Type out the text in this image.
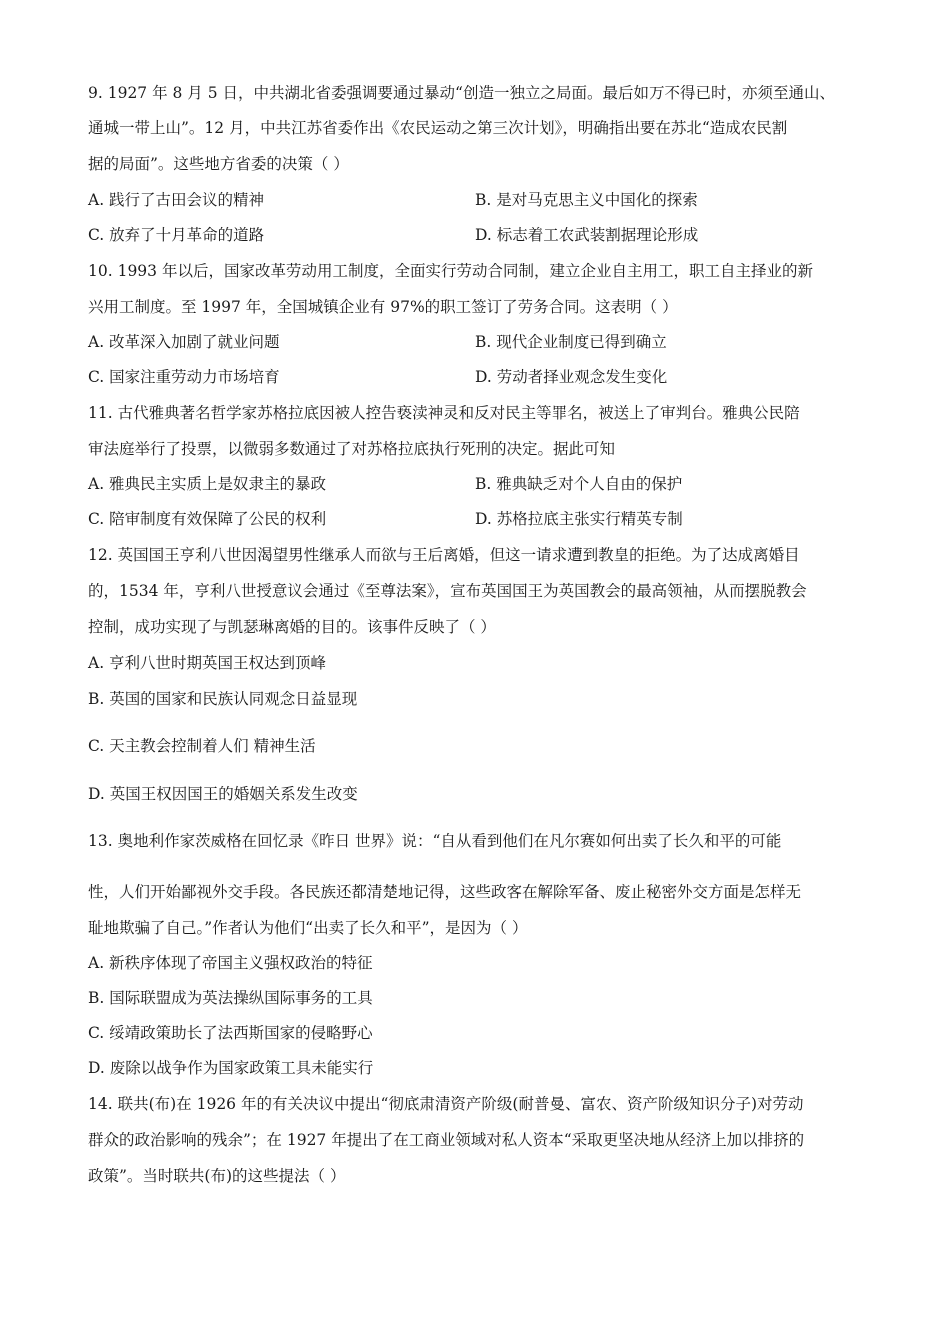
9. 1927 年 8 月 5 日，中共湖北省委强调要通过暴动“创造一独立之局面。最后如万不得已时，亦须至通山、
通城一带上山”。12 月，中共江苏省委作出《农民运动之第三次计划》，明确指出要在苏北“造成农民割
据的局面”。这些地方省委的决策（ ）
A. 践行了古田会议的精神	B. 是对马克思主义中国化的探索
C. 放弃了十月革命的道路	D. 标志着工农武装割据理论形成
10. 1993 年以后，国家改革劳动用工制度，全面实行劳动合同制，建立企业自主用工，职工自主择业的新
兴用工制度。至 1997 年，全国城镇企业有 97%的职工签订了劳务合同。这表明（ ）
A. 改革深入加剧了就业问题	B. 现代企业制度已得到确立
C. 国家注重劳动力市场培育	D. 劳动者择业观念发生变化
11. 古代雅典著名哲学家苏格拉底因被人控告亵渎神灵和反对民主等罪名，被送上了审判台。雅典公民陪
审法庭举行了投票，以微弱多数通过了对苏格拉底执行死刑的决定。据此可知
A. 雅典民主实质上是奴隶主的暴政	B. 雅典缺乏对个人自由的保护
C. 陪审制度有效保障了公民的权利	D. 苏格拉底主张实行精英专制
12. 英国国王亨利八世因渴望男性继承人而欲与王后离婚，但这一请求遭到教皇的拒绝。为了达成离婚目
的，1534 年，亨利八世授意议会通过《至尊法案》，宣布英国国王为英国教会的最高领袖，从而摆脱教会
控制，成功实现了与凯瑟琳离婚的目的。该事件反映了（ ）
A. 亨利八世时期英国王权达到顶峰
B. 英国的国家和民族认同观念日益显现
C. 天主教会控制着人们 精神生活
D. 英国王权因国王的婚姻关系发生改变
13. 奥地利作家茨威格在回忆录《昨日 世界》说：“自从看到他们在凡尔赛如何出卖了长久和平的可能
性，人们开始鄙视外交手段。各民族还都清楚地记得，这些政客在解除军备、废止秘密外交方面是怎样无
耻地欺骗了自己。”作者认为他们“出卖了长久和平”，是因为（ ）
A. 新秩序体现了帝国主义强权政治的特征
B. 国际联盟成为英法操纵国际事务的工具
C. 绥靖政策助长了法西斯国家的侵略野心
D. 废除以战争作为国家政策工具未能实行
14. 联共(布)在 1926 年的有关决议中提出“彻底肃清资产阶级(耐普曼、富农、资产阶级知识分子)对劳动
群众的政治影响的残余”；在 1927 年提出了在工商业领域对私人资本“采取更坚决地从经济上加以排挤的
政策”。当时联共(布)的这些提法（ ）
